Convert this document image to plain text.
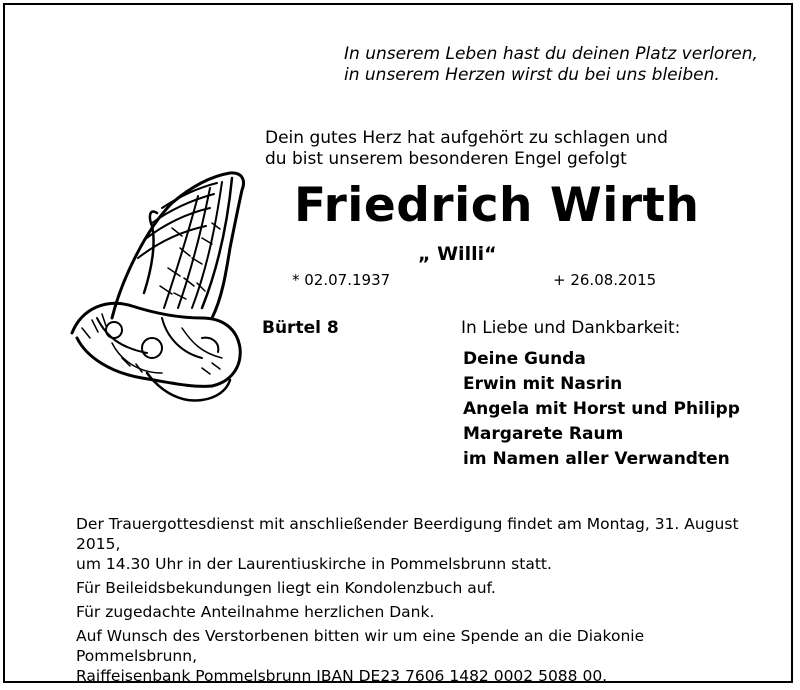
In unserem Leben hast du deinen Platz verloren,
in unserem Herzen wirst du bei uns bleiben.
Dein gutes Herz hat aufgehört zu schlagen und
du bist unserem besonderen Engel gefolgt
Friedrich Wirth
„ Willi“
* 02.07.1937	+ 26.08.2015
Bürtel 8	In Liebe und Dankbarkeit:
Deine Gunda
Erwin mit Nasrin
Angela mit Horst und Philipp
Margarete Raum
im Namen aller Verwandten

Der Trauergottesdienst mit anschließender Beerdigung findet am Montag, 31. August 2015,
um 14.30 Uhr in der Laurentiuskirche in Pommelsbrunn statt.

Für Beileidsbekundungen liegt ein Kondolenzbuch auf.

Für zugedachte Anteilnahme herzlichen Dank.

Auf Wunsch des Verstorbenen bitten wir um eine Spende an die Diakonie Pommelsbrunn,
Raiffeisenbank Pommelsbrunn IBAN DE23 7606 1482 0002 5088 00.
